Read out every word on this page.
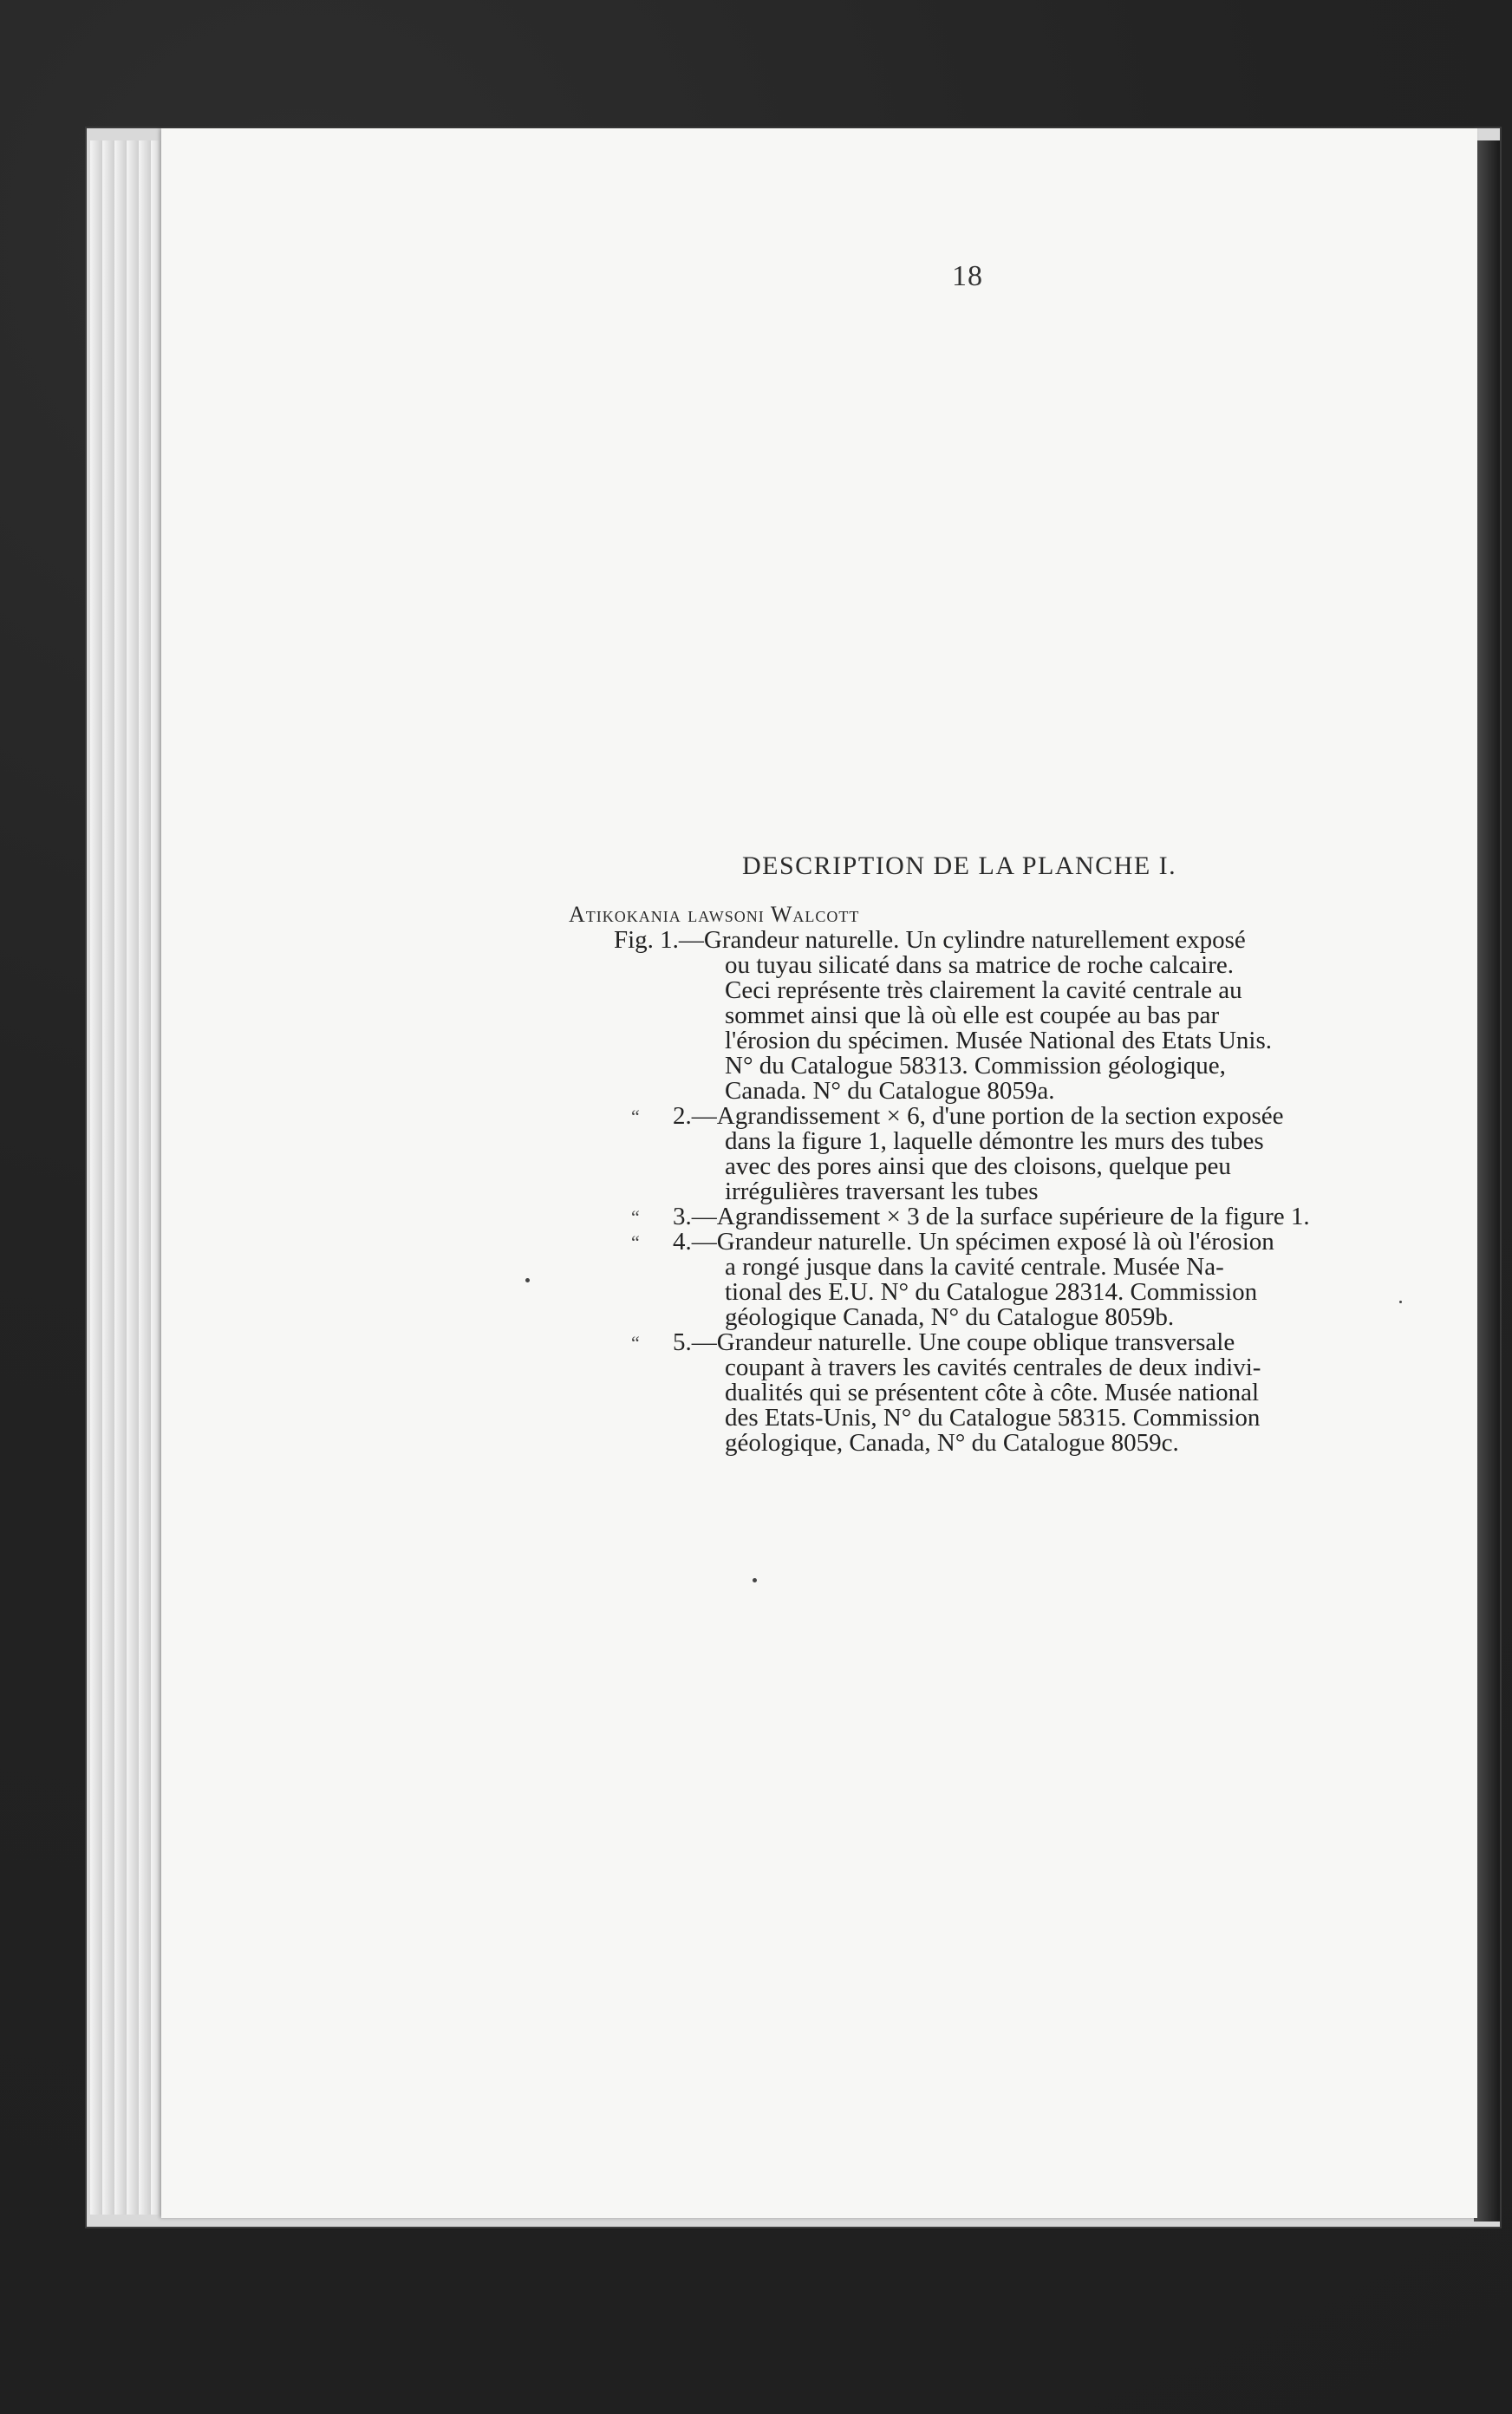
18
DESCRIPTION DE LA PLANCHE I.
Atikokania lawsoni Walcott
Fig. 1.—Grandeur naturelle. Un cylindre naturellement exposé
ou tuyau silicaté dans sa matrice de roche calcaire.
Ceci représente très clairement la cavité centrale au
sommet ainsi que là où elle est coupée au bas par
l'érosion du spécimen. Musée National des Etats Unis.
N° du Catalogue 58313. Commission géologique,
Canada. N° du Catalogue 8059a.
“	2.—Agrandissement × 6, d'une portion de la section exposée
dans la figure 1, laquelle démontre les murs des tubes
avec des pores ainsi que des cloisons, quelque peu
irrégulières traversant les tubes
“	3.—Agrandissement × 3 de la surface supérieure de la figure 1.
“	4.—Grandeur naturelle. Un spécimen exposé là où l'érosion
a rongé jusque dans la cavité centrale. Musée Na-
tional des E.U. N° du Catalogue 28314. Commission
géologique Canada, N° du Catalogue 8059b.
“	5.—Grandeur naturelle. Une coupe oblique transversale
coupant à travers les cavités centrales de deux indivi-
dualités qui se présentent côte à côte. Musée national
des Etats-Unis, N° du Catalogue 58315. Commission
géologique, Canada, N° du Catalogue 8059c.
